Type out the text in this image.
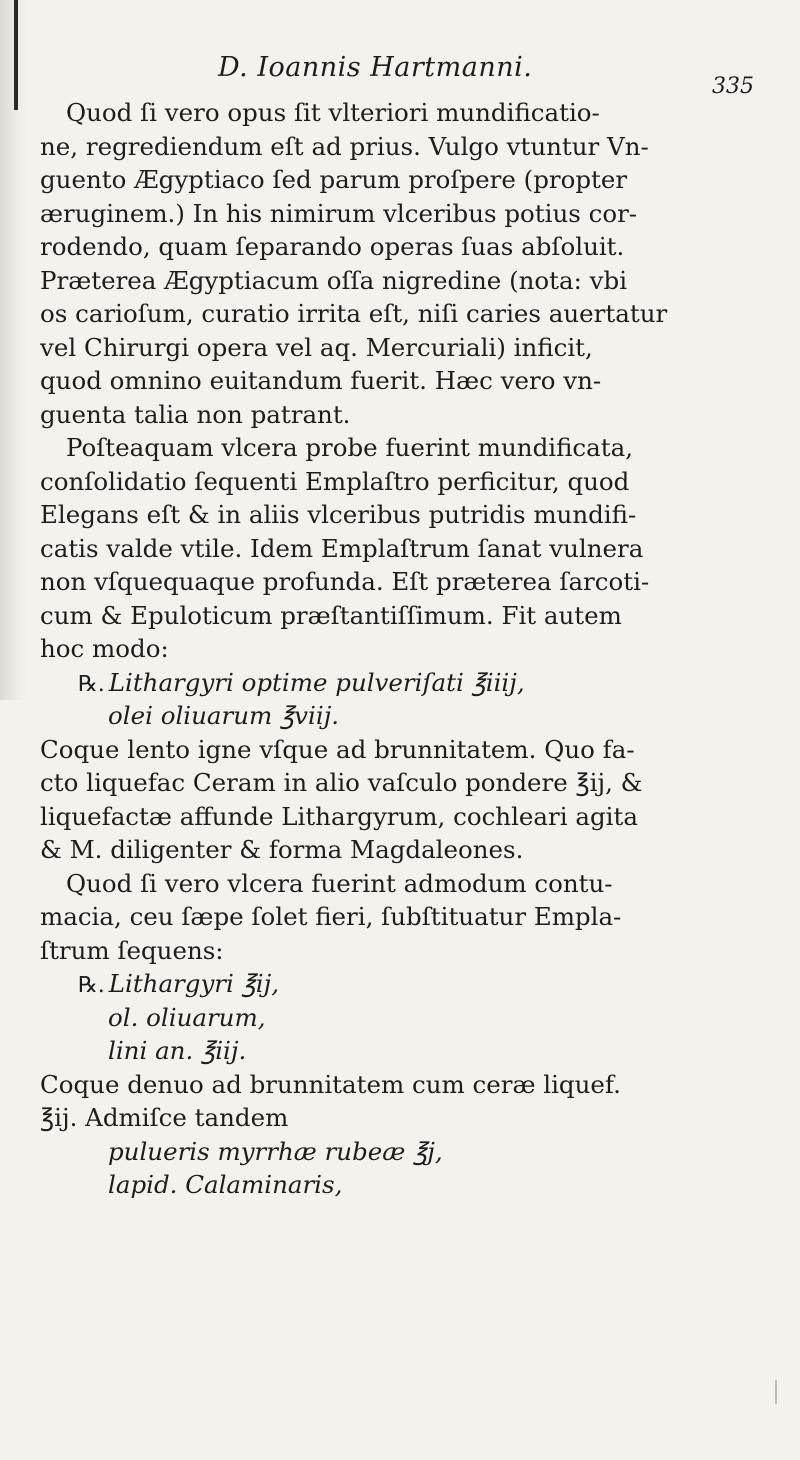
D. Ioannis Hartmanni.
335
Quod ſi vero opus ſit vlteriori mundificatio-
ne, regrediendum eſt ad prius. Vulgo vtuntur Vn-
guento Ægyptiaco ſed parum proſpere (propter
æruginem.) In his nimirum vlceribus potius cor-
rodendo, quam ſeparando operas ſuas abſoluit.
Præterea Ægyptiacum oſſa nigredine (nota: vbi
os carioſum, curatio irrita eſt, niſi caries auertatur
vel Chirurgi opera vel aq. Mercuriali) inficit,
quod omnino euitandum fuerit. Hæc vero vn-
guenta talia non patrant.
Poſteaquam vlcera probe fuerint mundificata,
conſolidatio ſequenti Emplaſtro perficitur, quod
Elegans eſt & in aliis vlceribus putridis mundifi-
catis valde vtile. Idem Emplaſtrum ſanat vulnera
non vſquequaque profunda. Eſt præterea ſarcoti-
cum & Epuloticum præſtantiſſimum. Fit autem
hoc modo:
℞. Lithargyri optime pulveriſati ℥iiij,
olei oliuarum ℥viij.
Coque lento igne vſque ad brunnitatem. Quo fa-
cto liquefac Ceram in alio vaſculo pondere ℥ij, &
liquefactæ affunde Lithargyrum, cochleari agita
& M. diligenter & forma Magdaleones.
Quod ſi vero vlcera fuerint admodum contu-
macia, ceu ſæpe ſolet fieri, ſubſtituatur Empla-
ſtrum ſequens:
℞. Lithargyri ℥ij,
ol. oliuarum,
lini an. ℥iij.
Coque denuo ad brunnitatem cum ceræ liquef.
℥ij. Admiſce tandem
pulueris myrrhæ rubeæ ℥j,
lapid. Calaminaris,
